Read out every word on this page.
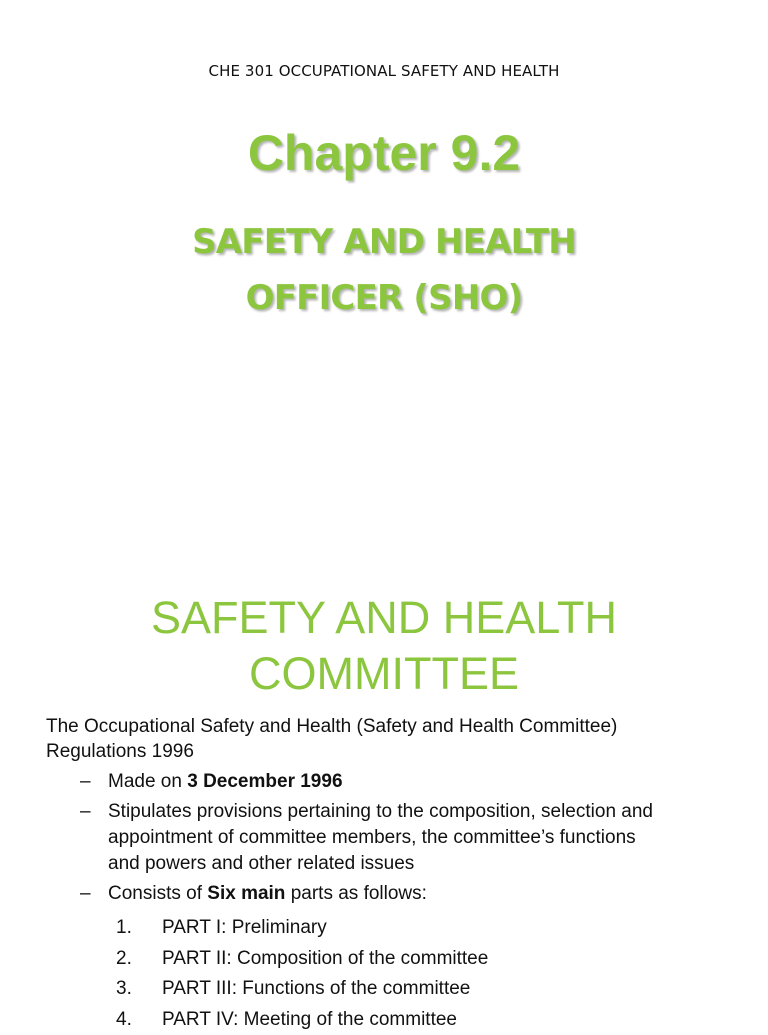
CHE 301 OCCUPATIONAL SAFETY AND HEALTH
Chapter 9.2
SAFETY AND HEALTH
OFFICER (SHO)
SAFETY AND HEALTH
COMMITTEE
The Occupational Safety and Health (Safety and Health Committee)
Regulations 1996
– Made on 3 December 1996
– Stipulates provisions pertaining to the composition, selection and
appointment of committee members, the committee’s functions
and powers and other related issues
– Consists of Six main parts as follows:
1. PART I: Preliminary
2. PART II: Composition of the committee
3. PART III: Functions of the committee
4. PART IV: Meeting of the committee
